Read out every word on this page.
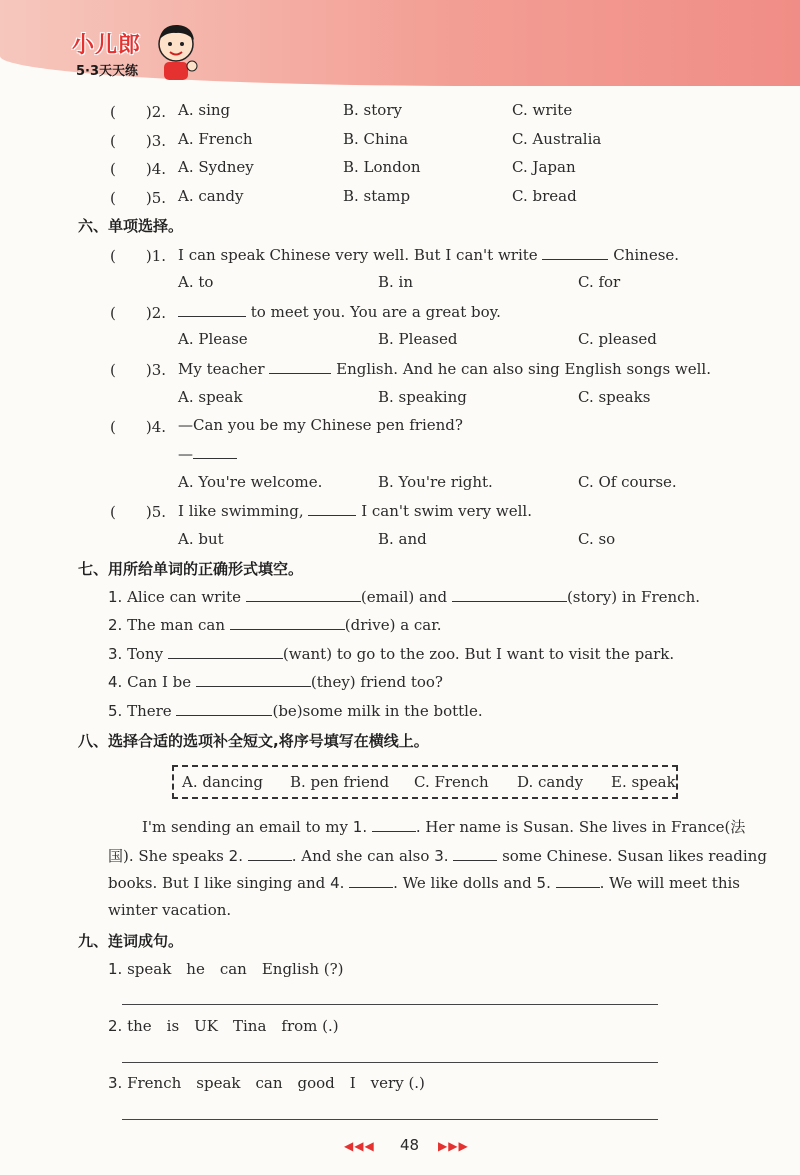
小儿郎
5·3天天练
(　　)2. A. sing	B. story	C. write
(　　)3. A. French	B. China	C. Australia
(　　)4. A. Sydney	B. London	C. Japan
(　　)5. A. candy	B. stamp	C. bread
六、单项选择。
(　　)1. I can speak Chinese very well. But I can't write	Chinese.
A. to	B. in	C. for
(　　)2.	to meet you. You are a great boy.
A. Please	B. Pleased	C. pleased
(　　)3. My teacher	English. And he can also sing English songs well.
A. speak	B. speaking	C. speaks
(　　)4. —Can you be my Chinese pen friend?
—
A. You're welcome.	B. You're right.	C. Of course.
(　　)5. I like swimming,	I can't swim very well.
A. but	B. and	C. so
七、用所给单词的正确形式填空。
1. Alice can write	(email) and	(story) in French.
2. The man can	(drive) a car.
3. Tony	(want) to go to the zoo. But I want to visit the park.
4. Can I be	(they) friend too?
5. There	(be)some milk in the bottle.
八、选择合适的选项补全短文,将序号填写在横线上。
A. dancing B. pen friend C. French D. candy E. speak
I'm sending an email to my 1.	. Her name is Susan. She lives in France(法
国). She speaks 2.	. And she can also 3.	some Chinese. Susan likes reading
books. But I like singing and 4.	. We like dolls and 5.	. We will meet this
winter vacation.
九、连词成句。
1. speak　he　can　English (?)
2. the　is　UK　Tina　from (.)
3. French　speak　can　good　I　very (.)
◀◀◀ 48 ▶▶▶
